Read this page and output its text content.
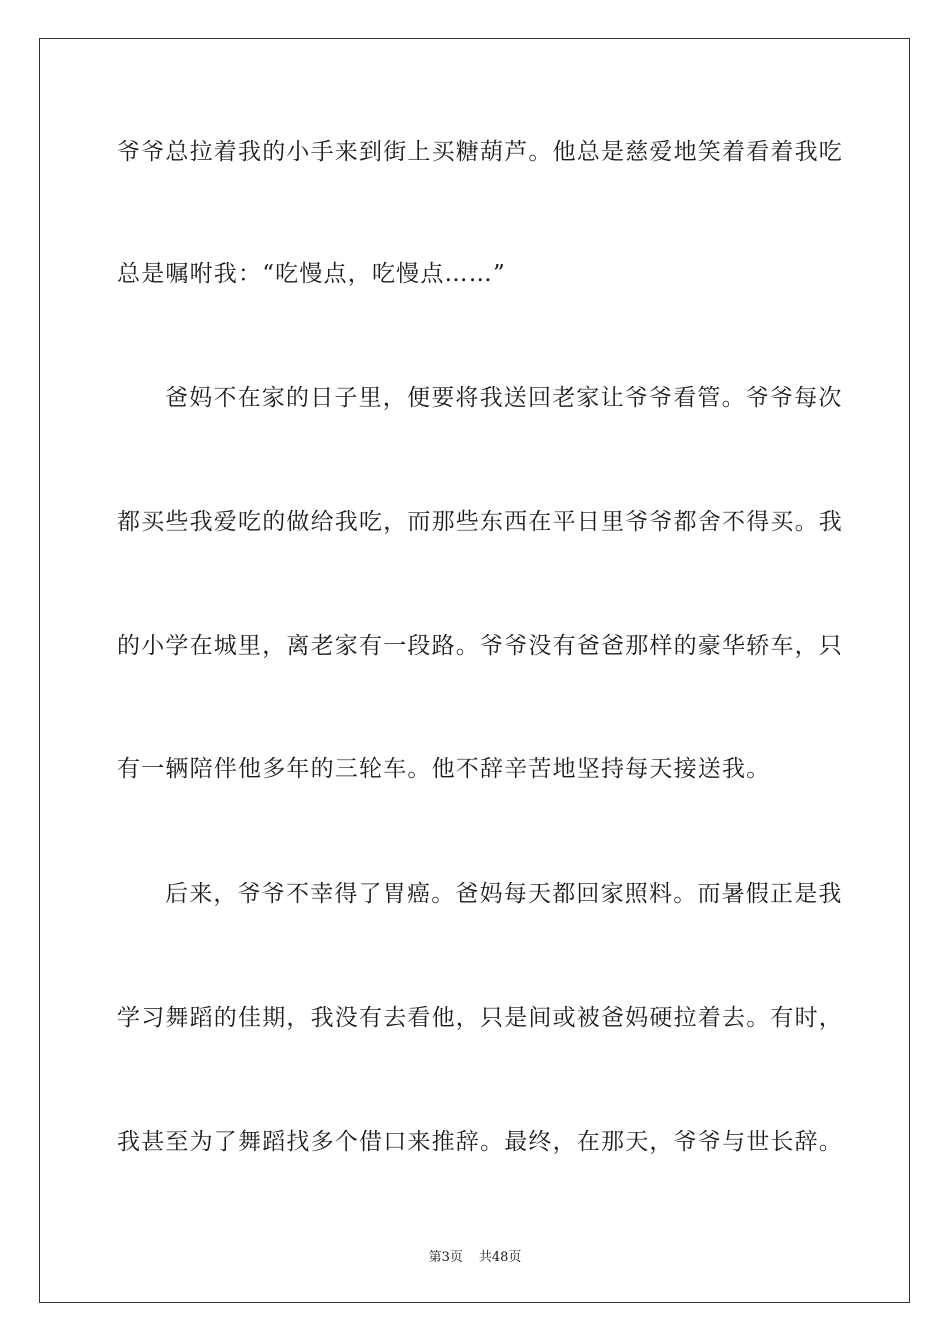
爷爷总拉着我的小手来到街上买糖葫芦。他总是慈爱地笑着看着我吃
总是嘱咐我：“吃慢点，吃慢点……”
爸妈不在家的日子里，便要将我送回老家让爷爷看管。爷爷每次
都买些我爱吃的做给我吃，而那些东西在平日里爷爷都舍不得买。我
的小学在城里，离老家有一段路。爷爷没有爸爸那样的豪华轿车，只
有一辆陪伴他多年的三轮车。他不辞辛苦地坚持每天接送我。
后来，爷爷不幸得了胃癌。爸妈每天都回家照料。而暑假正是我
学习舞蹈的佳期，我没有去看他，只是间或被爸妈硬拉着去。有时，
我甚至为了舞蹈找多个借口来推辞。最终，在那天，爷爷与世长辞。
第3页 共48页
